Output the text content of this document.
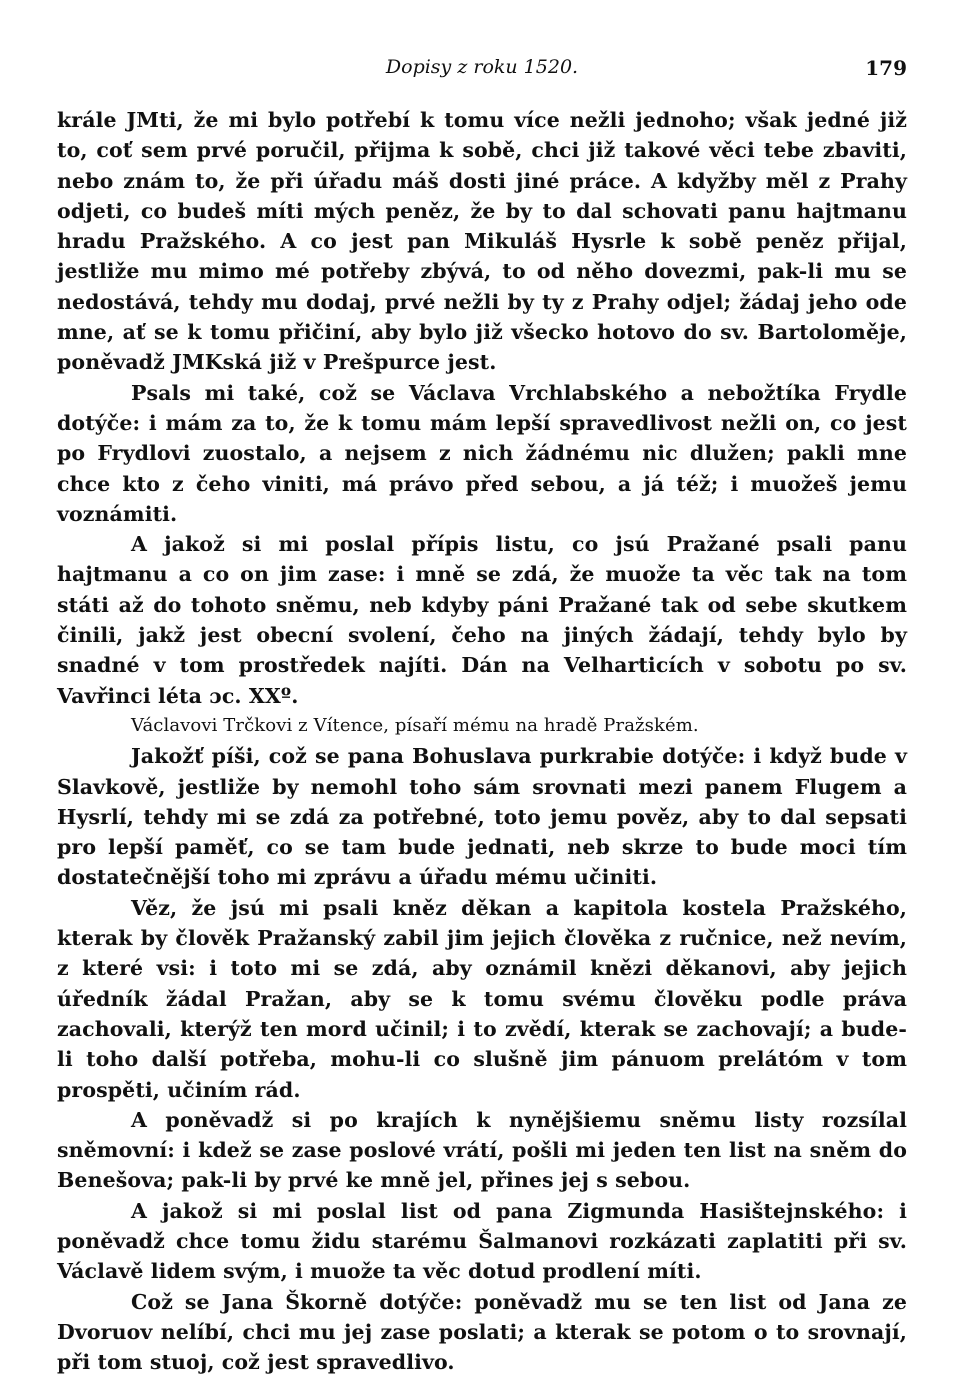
Dopisy z roku 1520.	179

krále JMti, že mi bylo potřebí k tomu více nežli jednoho; však jedné již to, coť sem prvé poručil, přijma k sobě, chci již takové věci tebe zbaviti, nebo znám to, že při úřadu máš dosti jiné práce. A kdyžby měl z Prahy odjeti, co budeš míti mých peněz, že by to dal schovati panu hajtmanu hradu Pražského. A co jest pan Mikuláš Hysrle k sobě peněz přijal, jestliže mu mimo mé potřeby zbývá, to od něho dovezmi, pak-li mu se nedostává, tehdy mu dodaj, prvé nežli by ty z Prahy odjel; žádaj jeho ode mne, ať se k tomu přičiní, aby bylo již všecko hotovo do sv. Bartoloměje, poněvadž JMKská již v Prešpurce jest.

Psals mi také, což se Václava Vrchlabského a nebožtíka Frydle dotýče: i mám za to, že k tomu mám lepší spravedlivost nežli on, co jest po Frydlovi zuostalo, a nejsem z nich žádnému nic dlužen; pakli mne chce kto z čeho viniti, má právo před sebou, a já též; i muožeš jemu voznámiti.

A jakož si mi poslal přípis listu, co jsú Pražané psali panu hajtmanu a co on jim zase: i mně se zdá, že muože ta věc tak na tom státi až do tohoto sněmu, neb kdyby páni Pražané tak od sebe skutkem činili, jakž jest obecní svolení, čeho na jiných žádají, tehdy bylo by snadné v tom prostředek najíti. Dán na Velharticích v sobotu po sv. Vavřinci léta ɔc. XXº.

Václavovi Trčkovi z Vítence, písaří mému na hradě Pražském.

Jakožť píši, což se pana Bohuslava purkrabie dotýče: i když bude v Slavkově, jestliže by nemohl toho sám srovnati mezi panem Flugem a Hysrlí, tehdy mi se zdá za potřebné, toto jemu pověz, aby to dal sepsati pro lepší paměť, co se tam bude jednati, neb skrze to bude moci tím dostatečnější toho mi zprávu a úřadu mému učiniti.

Věz, že jsú mi psali kněz děkan a kapitola kostela Pražského, kterak by člověk Pražanský zabil jim jejich člověka z ručnice, než nevím, z které vsi: i toto mi se zdá, aby oznámil knězi děkanovi, aby jejich úředník žádal Pražan, aby se k tomu svému člověku podle práva zachovali, kterýž ten mord učinil; i to zvědí, kterak se zachovají; a bude-li toho další potřeba, mohu-li co slušně jim pánuom prelátóm v tom prospěti, učiním rád.

A poněvadž si po krajích k nynějšiemu sněmu listy rozsílal sněmovní: i kdež se zase poslové vrátí, pošli mi jeden ten list na sněm do Benešova; pak-li by prvé ke mně jel, přines jej s sebou.

A jakož si mi poslal list od pana Zigmunda Hasištejnského: i poněvadž chce tomu židu starému Šalmanovi rozkázati zaplatiti při sv. Václavě lidem svým, i muože ta věc dotud prodlení míti.

Což se Jana Škorně dotýče: poněvadž mu se ten list od Jana ze Dvoruov nelíbí, chci mu jej zase poslati; a kterak se potom o to srovnají, při tom stuoj, což jest spravedlivo.
